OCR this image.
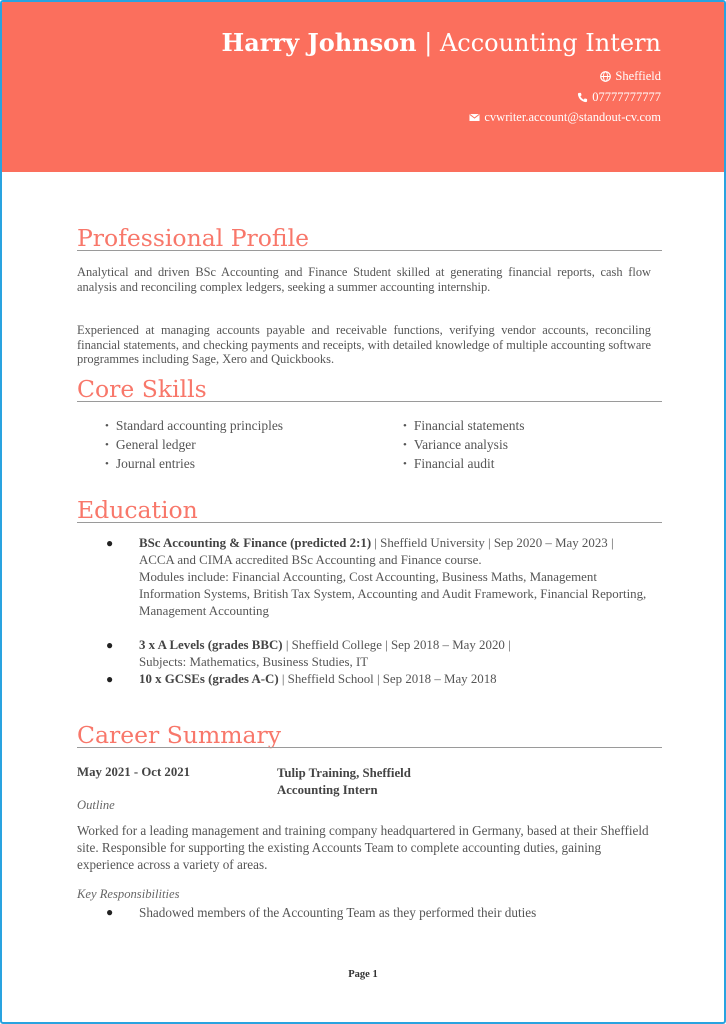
Harry Johnson | Accounting Intern
Sheffield
07777777777
cvwriter.account@standout-cv.com
Professional Profile
Analytical and driven BSc Accounting and Finance Student skilled at generating financial reports, cash flow analysis and reconciling complex ledgers, seeking a summer accounting internship.
Experienced at managing accounts payable and receivable functions, verifying vendor accounts, reconciling financial statements, and checking payments and receipts, with detailed knowledge of multiple accounting software programmes including Sage, Xero and Quickbooks.
Core Skills
• Standard accounting principles
• General ledger
• Journal entries
• Financial statements
• Variance analysis
• Financial audit
Education
● BSc Accounting & Finance (predicted 2:1) | Sheffield University | Sep 2020 – May 2023 |
ACCA and CIMA accredited BSc Accounting and Finance course.
Modules include: Financial Accounting, Cost Accounting, Business Maths, Management Information Systems, British Tax System, Accounting and Audit Framework, Financial Reporting, Management Accounting
● 3 x A Levels (grades BBC) | Sheffield College | Sep 2018 – May 2020 |
Subjects: Mathematics, Business Studies, IT
● 10 x GCSEs (grades A-C) | Sheffield School | Sep 2018 – May 2018
Career Summary
May 2021 - Oct 2021	Tulip Training, Sheffield
Accounting Intern
Outline
Worked for a leading management and training company headquartered in Germany, based at their Sheffield site. Responsible for supporting the existing Accounts Team to complete accounting duties, gaining experience across a variety of areas.
Key Responsibilities
● Shadowed members of the Accounting Team as they performed their duties
Page 1
